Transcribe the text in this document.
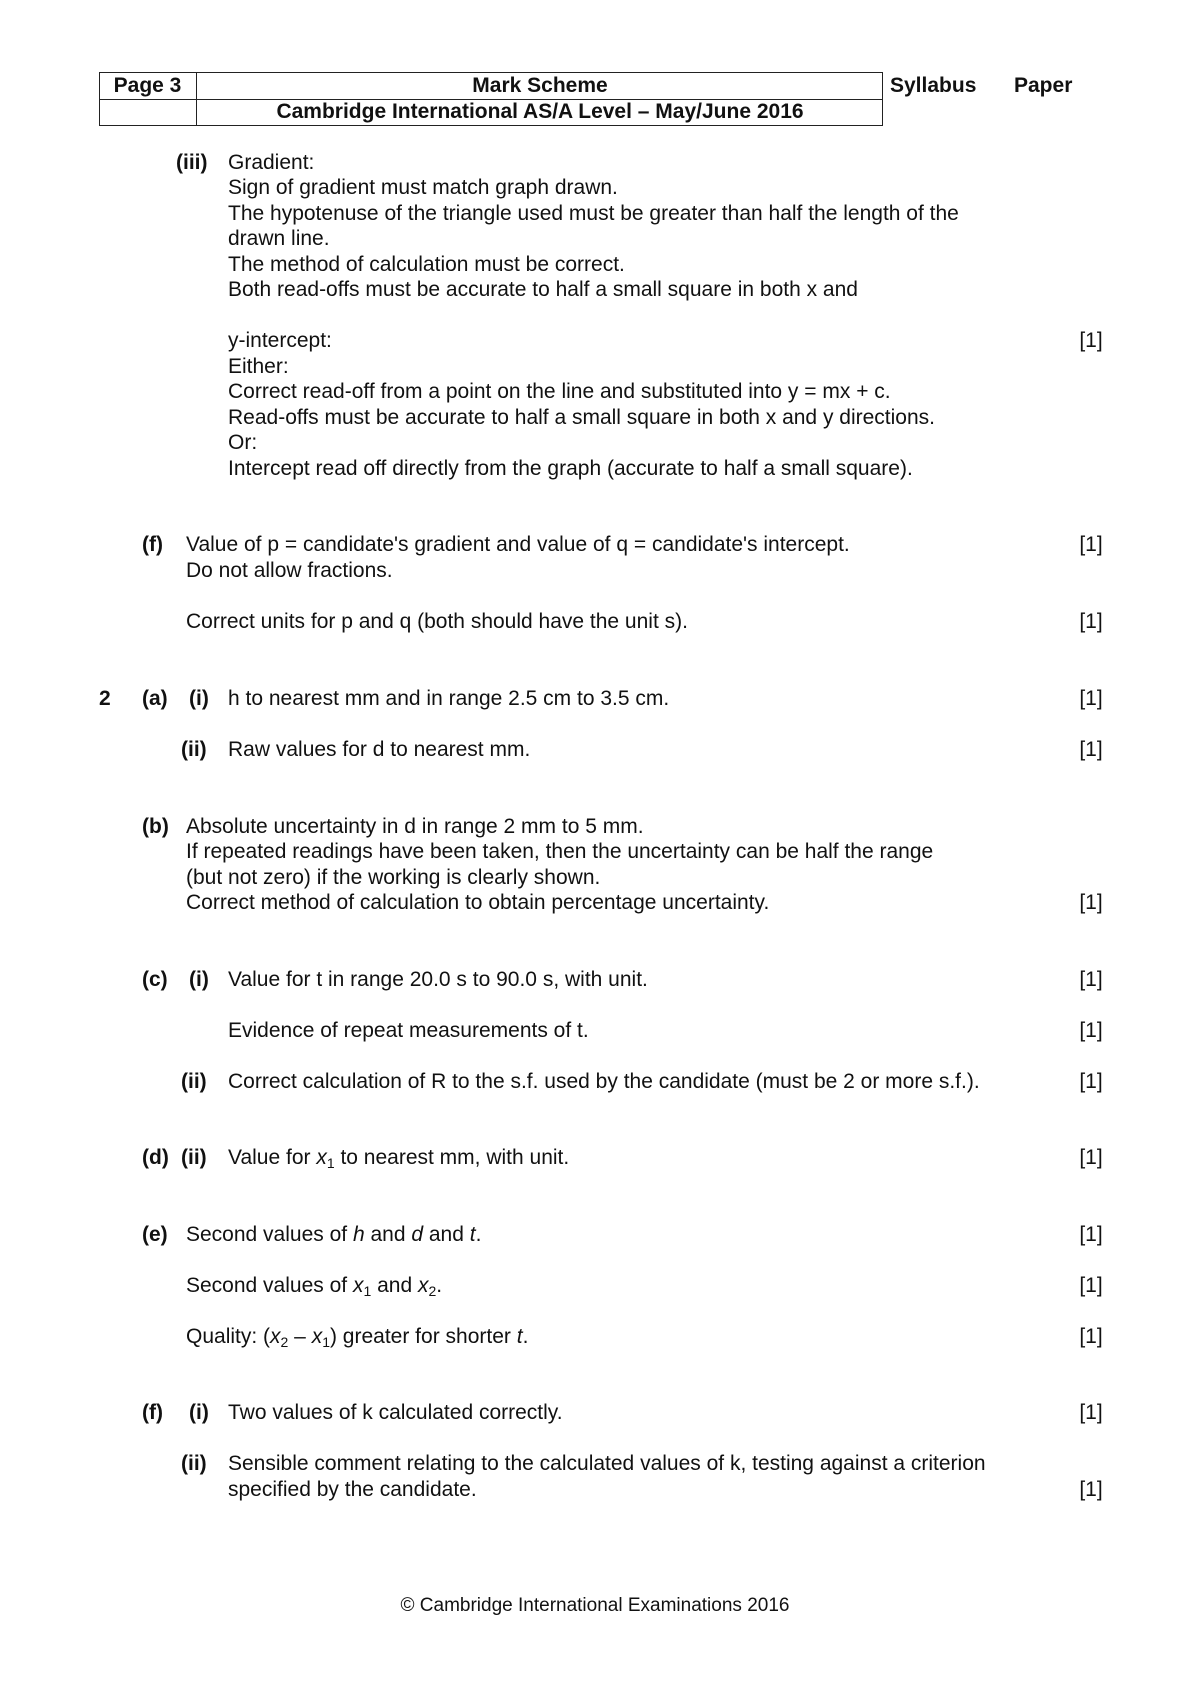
Page 3	Mark Scheme
Cambridge International AS/A Level – May/June 2016
Syllabus Paper
(iii) Gradient:
Sign of gradient must match graph drawn.
The hypotenuse of the triangle used must be greater than half the length of the
drawn line.
The method of calculation must be correct.
Both read-offs must be accurate to half a small square in both x and
y-intercept:	[1]
Either:
Correct read-off from a point on the line and substituted into y = mx + c.
Read-offs must be accurate to half a small square in both x and y directions.
Or:
Intercept read off directly from the graph (accurate to half a small square).
(f) Value of p = candidate's gradient and value of q = candidate's intercept.	[1]
Do not allow fractions.
Correct units for p and q (both should have the unit s).	[1]
2 (a) (i) h to nearest mm and in range 2.5 cm to 3.5 cm.	[1]
(ii) Raw values for d to nearest mm.	[1]
(b) Absolute uncertainty in d in range 2 mm to 5 mm.
If repeated readings have been taken, then the uncertainty can be half the range
(but not zero) if the working is clearly shown.
Correct method of calculation to obtain percentage uncertainty.	[1]
(c) (i) Value for t in range 20.0 s to 90.0 s, with unit.	[1]
Evidence of repeat measurements of t.	[1]
(ii) Correct calculation of R to the s.f. used by the candidate (must be 2 or more s.f.).	[1]
(d) (ii) Value for $x_1$ to nearest mm, with unit.	[1]
(e) Second values of h and d and t.	[1]
Second values of $x_1$ and $x_2$.	[1]
Quality: $(x_2 - x_1)$ greater for shorter t.	[1]
(f) (i) Two values of k calculated correctly.	[1]
(ii) Sensible comment relating to the calculated values of k, testing against a criterion
specified by the candidate.	[1]
© Cambridge International Examinations 2016
